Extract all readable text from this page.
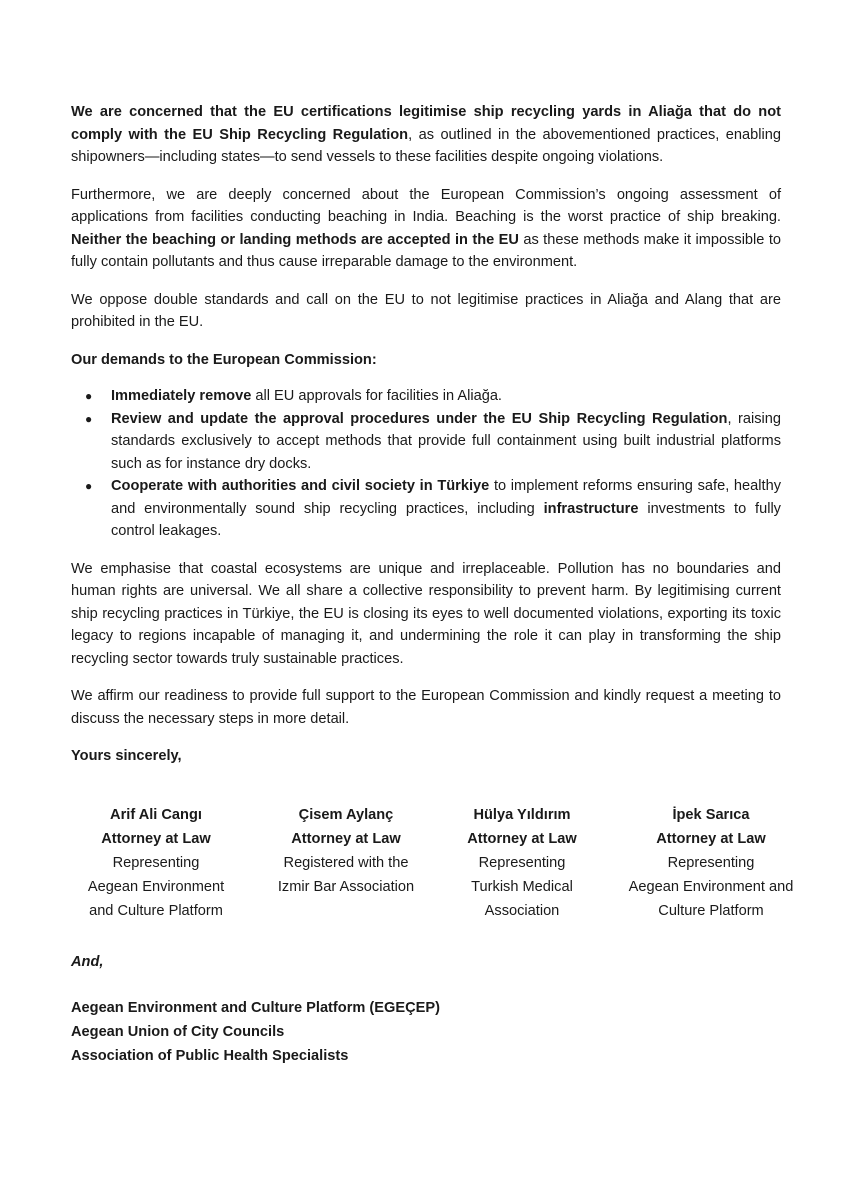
We are concerned that the EU certifications legitimise ship recycling yards in Aliağa that do not comply with the EU Ship Recycling Regulation, as outlined in the abovementioned practices, enabling shipowners—including states—to send vessels to these facilities despite ongoing violations.

Furthermore, we are deeply concerned about the European Commission’s ongoing assessment of applications from facilities conducting beaching in India. Beaching is the worst practice of ship breaking. Neither the beaching or landing methods are accepted in the EU as these methods make it impossible to fully contain pollutants and thus cause irreparable damage to the environment.

We oppose double standards and call on the EU to not legitimise practices in Aliağa and Alang that are prohibited in the EU.

Our demands to the European Commission:

● Immediately remove all EU approvals for facilities in Aliağa.
● Review and update the approval procedures under the EU Ship Recycling Regulation, raising standards exclusively to accept methods that provide full containment using built industrial platforms such as for instance dry docks.
● Cooperate with authorities and civil society in Türkiye to implement reforms ensuring safe, healthy and environmentally sound ship recycling practices, including infrastructure investments to fully control leakages.

We emphasise that coastal ecosystems are unique and irreplaceable. Pollution has no boundaries and human rights are universal. We all share a collective responsibility to prevent harm. By legitimising current ship recycling practices in Türkiye, the EU is closing its eyes to well documented violations, exporting its toxic legacy to regions incapable of managing it, and undermining the role it can play in transforming the ship recycling sector towards truly sustainable practices.

We affirm our readiness to provide full support to the European Commission and kindly request a meeting to discuss the necessary steps in more detail.

Yours sincerely,

Arif Ali Cangı
Attorney at Law
Representing
Aegean Environment
and Culture Platform
Çisem Aylanç
Attorney at Law
Registered with the
Izmir Bar Association
Hülya Yıldırım
Attorney at Law
Representing
Turkish Medical
Association
İpek Sarıca
Attorney at Law
Representing
Aegean Environment and
Culture Platform

And,

Aegean Environment and Culture Platform (EGEÇEP)
Aegean Union of City Councils
Association of Public Health Specialists
